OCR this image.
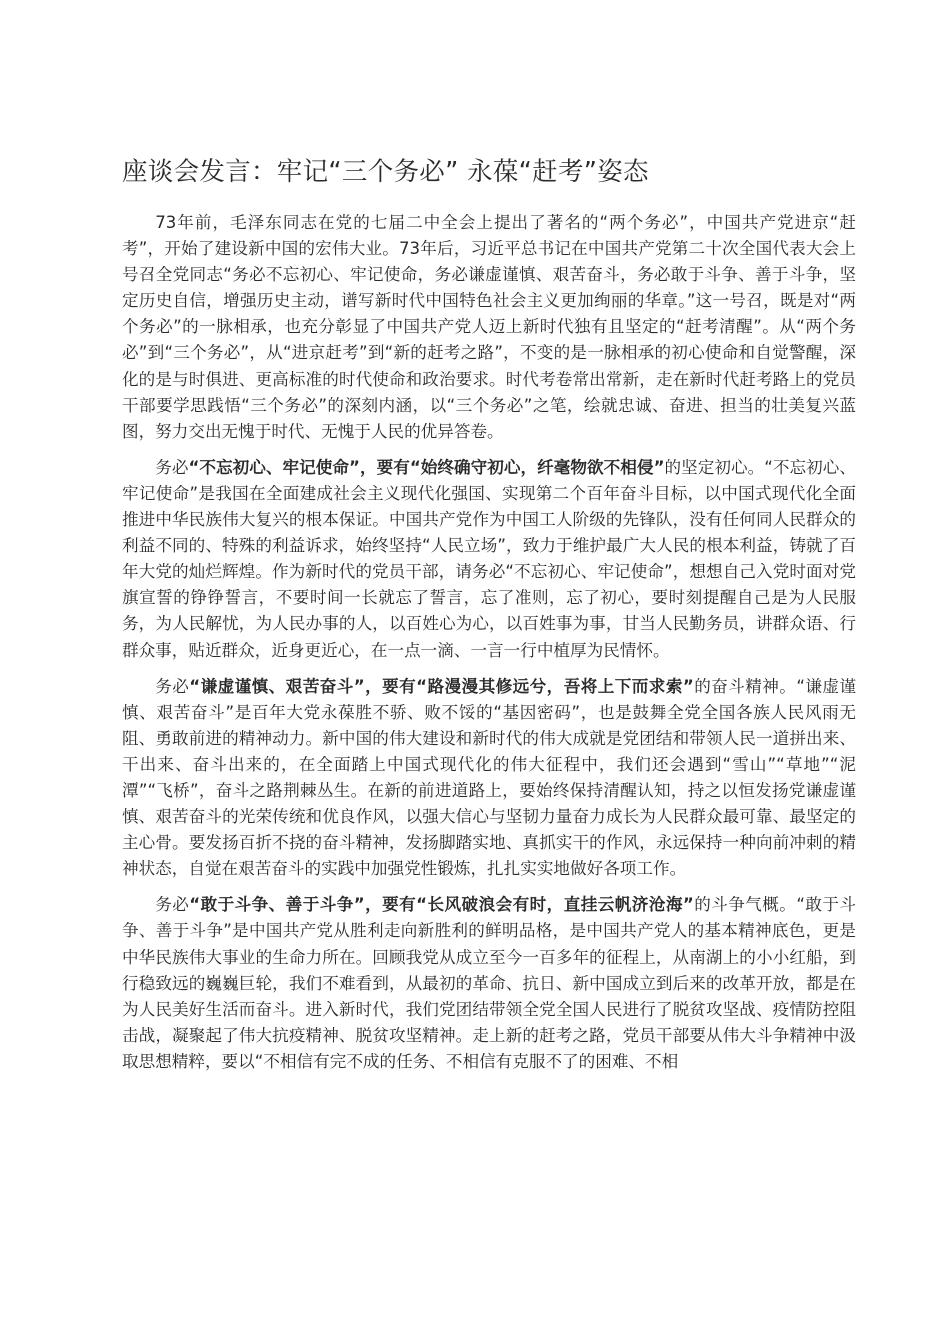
座谈会发言：牢记“三个务必” 永葆“赶考”姿态

73年前，毛泽东同志在党的七届二中全会上提出了著名的“两个务必”，中国共产党进京“赶考”，开始了建设新中国的宏伟大业。73年后，习近平总书记在中国共产党第二十次全国代表大会上号召全党同志“务必不忘初心、牢记使命，务必谦虚谨慎、艰苦奋斗，务必敢于斗争、善于斗争，坚定历史自信，增强历史主动，谱写新时代中国特色社会主义更加绚丽的华章。”这一号召，既是对“两个务必”的一脉相承，也充分彰显了中国共产党人迈上新时代独有且坚定的“赶考清醒”。从“两个务必”到“三个务必”，从“进京赶考”到“新的赶考之路”，不变的是一脉相承的初心使命和自觉警醒，深化的是与时俱进、更高标准的时代使命和政治要求。时代考卷常出常新，走在新时代赶考路上的党员干部要学思践悟“三个务必”的深刻内涵，以“三个务必”之笔，绘就忠诚、奋进、担当的壮美复兴蓝图，努力交出无愧于时代、无愧于人民的优异答卷。

务必“不忘初心、牢记使命”，要有“始终确守初心，纤毫物欲不相侵”的坚定初心。“不忘初心、牢记使命”是我国在全面建成社会主义现代化强国、实现第二个百年奋斗目标，以中国式现代化全面推进中华民族伟大复兴的根本保证。中国共产党作为中国工人阶级的先锋队，没有任何同人民群众的利益不同的、特殊的利益诉求，始终坚持“人民立场”，致力于维护最广大人民的根本利益，铸就了百年大党的灿烂辉煌。作为新时代的党员干部，请务必“不忘初心、牢记使命”，想想自己入党时面对党旗宣誓的铮铮誓言，不要时间一长就忘了誓言，忘了准则，忘了初心，要时刻提醒自己是为人民服务，为人民解忧，为人民办事的人，以百姓心为心，以百姓事为事，甘当人民勤务员，讲群众语、行群众事，贴近群众，近身更近心，在一点一滴、一言一行中植厚为民情怀。

务必“谦虚谨慎、艰苦奋斗”，要有“路漫漫其修远兮，吾将上下而求索”的奋斗精神。“谦虚谨慎、艰苦奋斗”是百年大党永葆胜不骄、败不馁的“基因密码”，也是鼓舞全党全国各族人民风雨无阻、勇敢前进的精神动力。新中国的伟大建设和新时代的伟大成就是党团结和带领人民一道拼出来、干出来、奋斗出来的，在全面踏上中国式现代化的伟大征程中，我们还会遇到“雪山”“草地”“泥潭”“飞桥”，奋斗之路荆棘丛生。在新的前进道路上，要始终保持清醒认知，持之以恒发扬党谦虚谨慎、艰苦奋斗的光荣传统和优良作风，以强大信心与坚韧力量奋力成长为人民群众最可靠、最坚定的主心骨。要发扬百折不挠的奋斗精神，发扬脚踏实地、真抓实干的作风，永远保持一种向前冲刺的精神状态，自觉在艰苦奋斗的实践中加强党性锻炼，扎扎实实地做好各项工作。

务必“敢于斗争、善于斗争”，要有“长风破浪会有时，直挂云帆济沧海”的斗争气概。“敢于斗争、善于斗争”是中国共产党从胜利走向新胜利的鲜明品格，是中国共产党人的基本精神底色，更是中华民族伟大事业的生命力所在。回顾我党从成立至今一百多年的征程上，从南湖上的小小红船，到行稳致远的巍巍巨轮，我们不难看到，从最初的革命、抗日、新中国成立到后来的改革开放，都是在为人民美好生活而奋斗。进入新时代，我们党团结带领全党全国人民进行了脱贫攻坚战、疫情防控阻击战，凝聚起了伟大抗疫精神、脱贫攻坚精神。走上新的赶考之路，党员干部要从伟大斗争精神中汲取思想精粹，要以“不相信有完不成的任务、不相信有克服不了的困难、不相
